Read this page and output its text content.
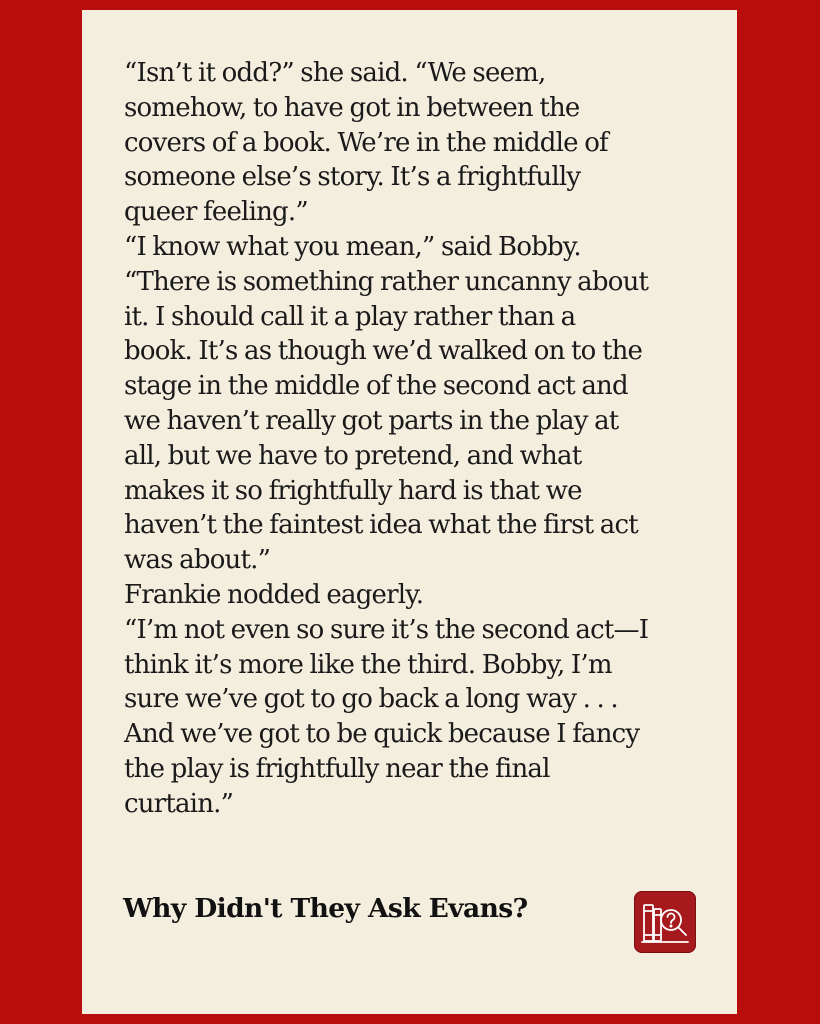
“Isn’t it odd?” she said. “We seem,
somehow, to have got in between the
covers of a book. We’re in the middle of
someone else’s story. It’s a frightfully
queer feeling.”
“I know what you mean,” said Bobby.
“There is something rather uncanny about
it. I should call it a play rather than a
book. It’s as though we’d walked on to the
stage in the middle of the second act and
we haven’t really got parts in the play at
all, but we have to pretend, and what
makes it so frightfully hard is that we
haven’t the faintest idea what the first act
was about.”
Frankie nodded eagerly.
“I’m not even so sure it’s the second act—I
think it’s more like the third. Bobby, I’m
sure we’ve got to go back a long way . . .
And we’ve got to be quick because I fancy
the play is frightfully near the final
curtain.”
Why Didn't They Ask Evans?
